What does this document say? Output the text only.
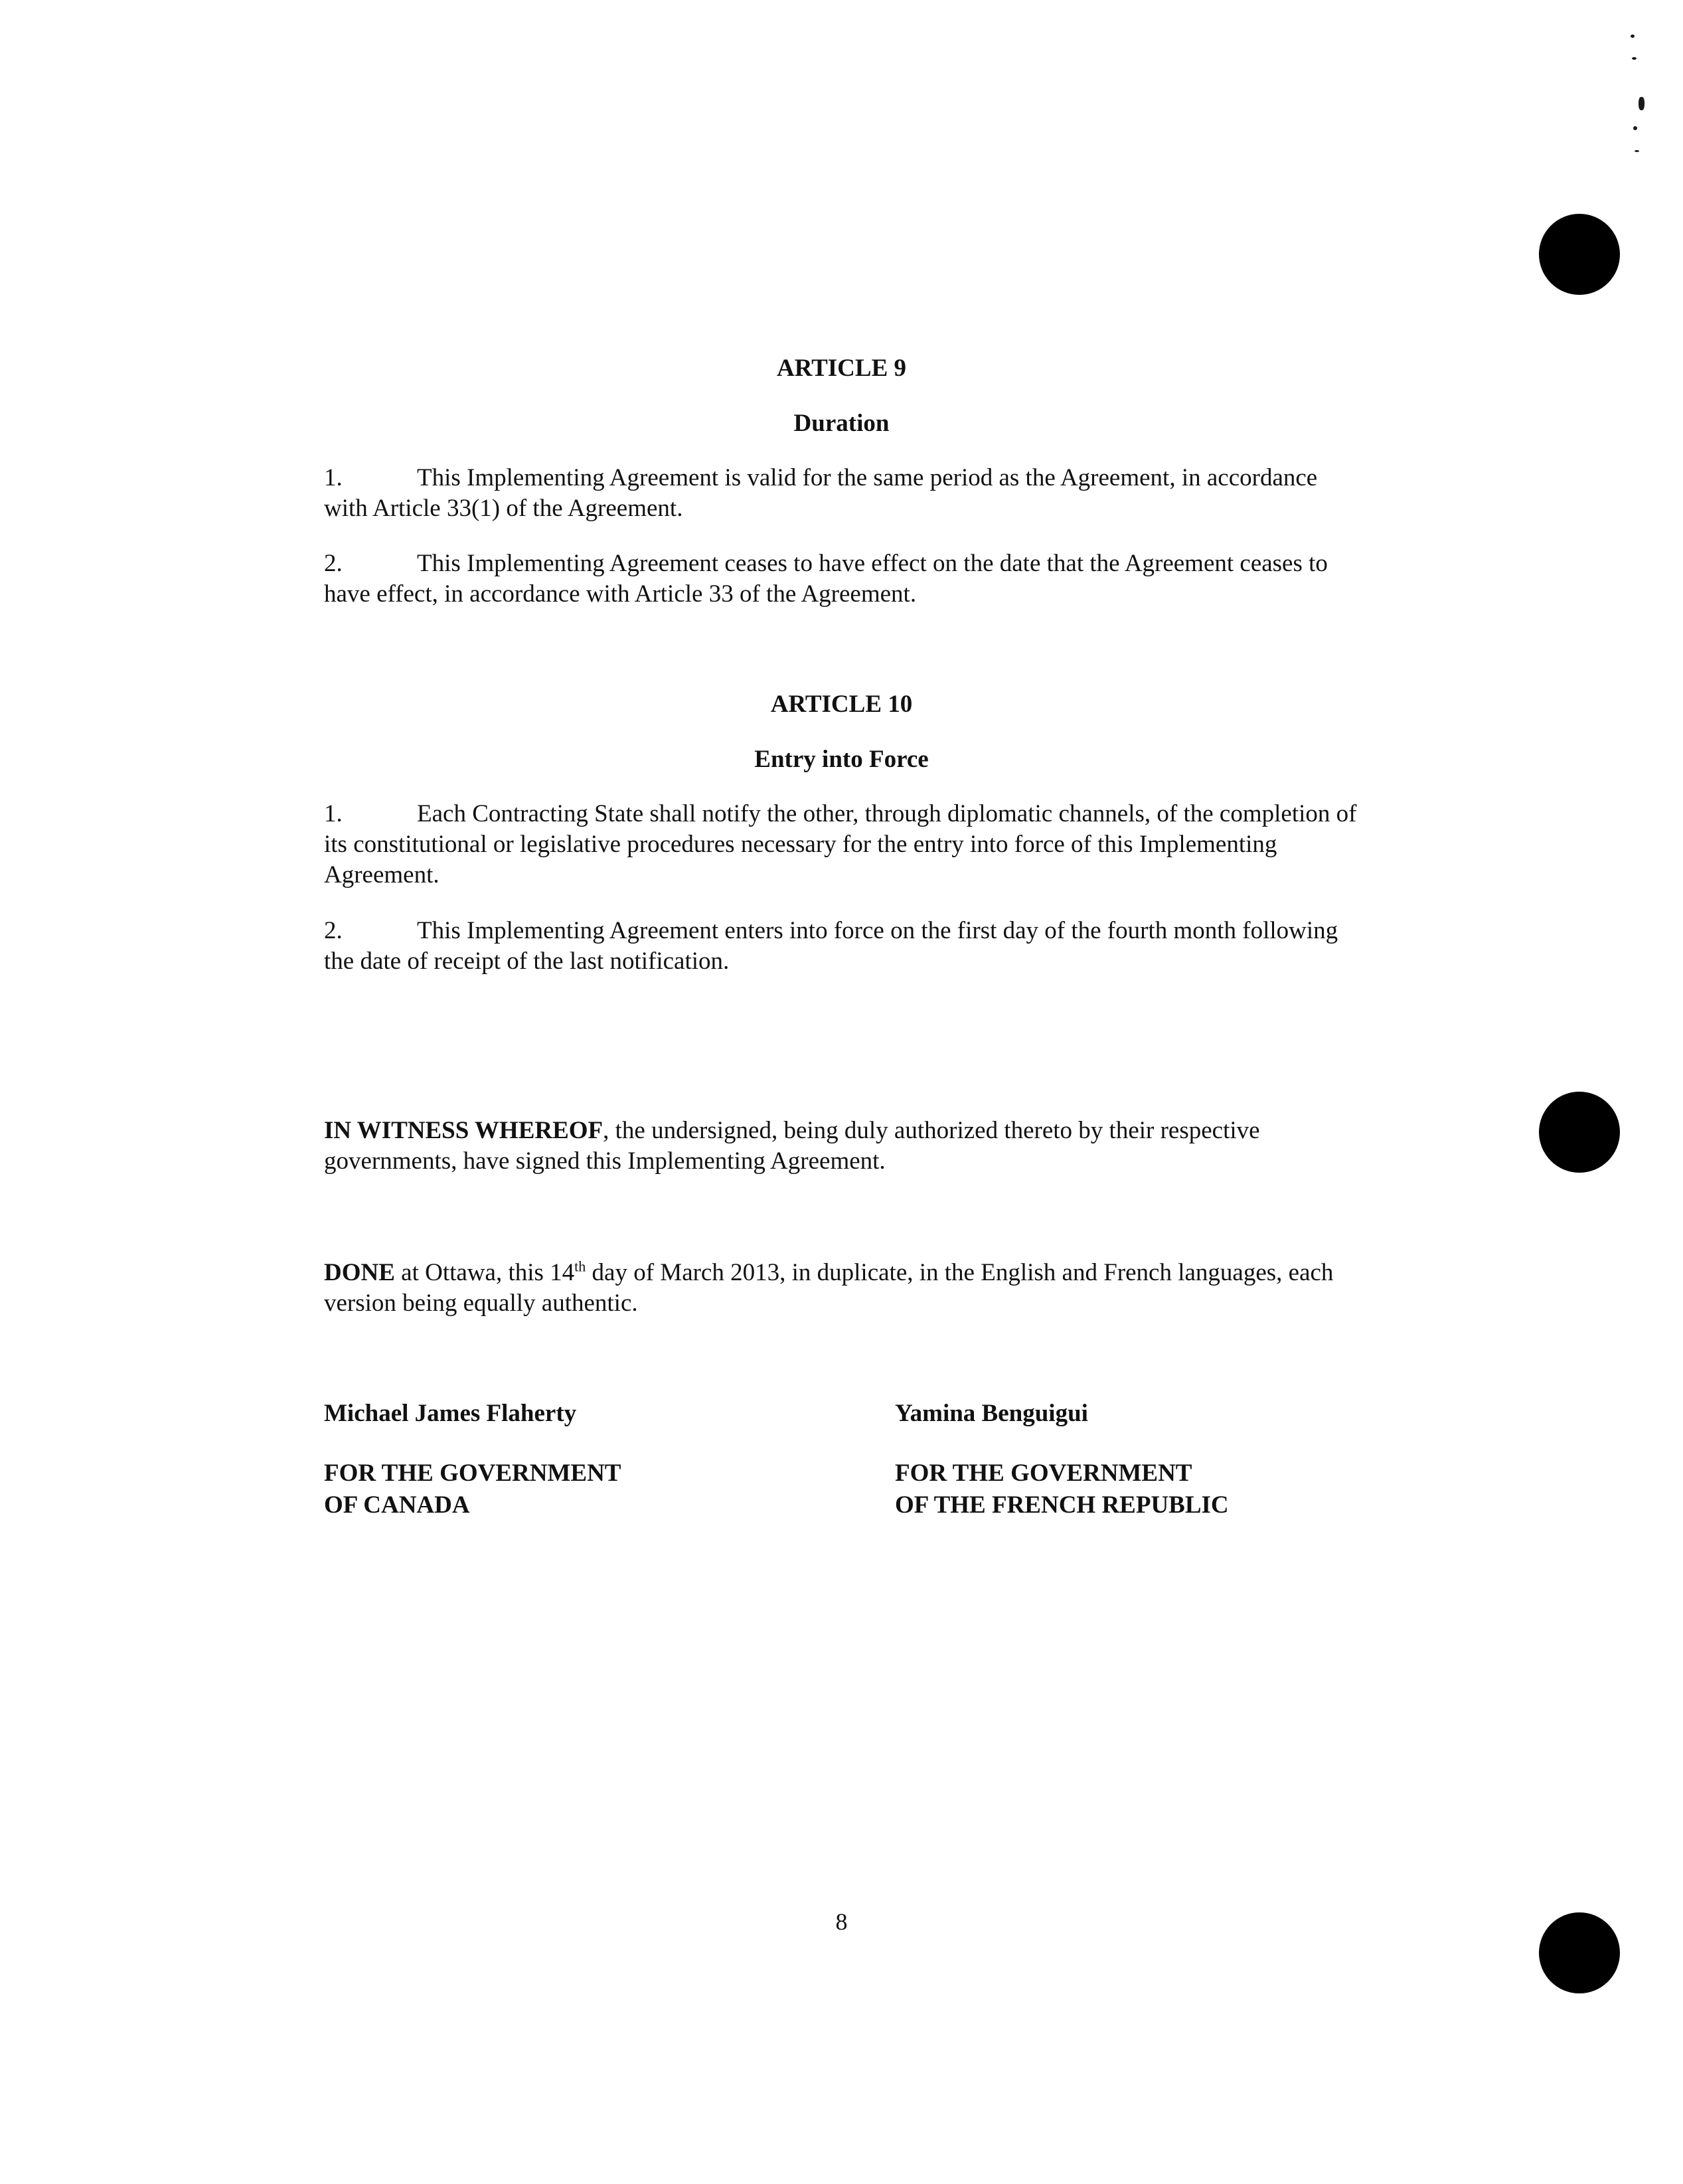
ARTICLE 9

Duration

1.	This Implementing Agreement is valid for the same period as the Agreement, in accordance with Article 33(1) of the Agreement.

2.	This Implementing Agreement ceases to have effect on the date that the Agreement ceases to have effect, in accordance with Article 33 of the Agreement.

ARTICLE 10

Entry into Force

1.	Each Contracting State shall notify the other, through diplomatic channels, of the completion of its constitutional or legislative procedures necessary for the entry into force of this Implementing Agreement.

2.	This Implementing Agreement enters into force on the first day of the fourth month following the date of receipt of the last notification.

IN WITNESS WHEREOF, the undersigned, being duly authorized thereto by their respective governments, have signed this Implementing Agreement.

DONE at Ottawa, this 14th day of March 2013, in duplicate, in the English and French languages, each version being equally authentic.

Michael James Flaherty

FOR THE GOVERNMENT

OF CANADA

Yamina Benguigui

FOR THE GOVERNMENT

OF THE FRENCH REPUBLIC

8
